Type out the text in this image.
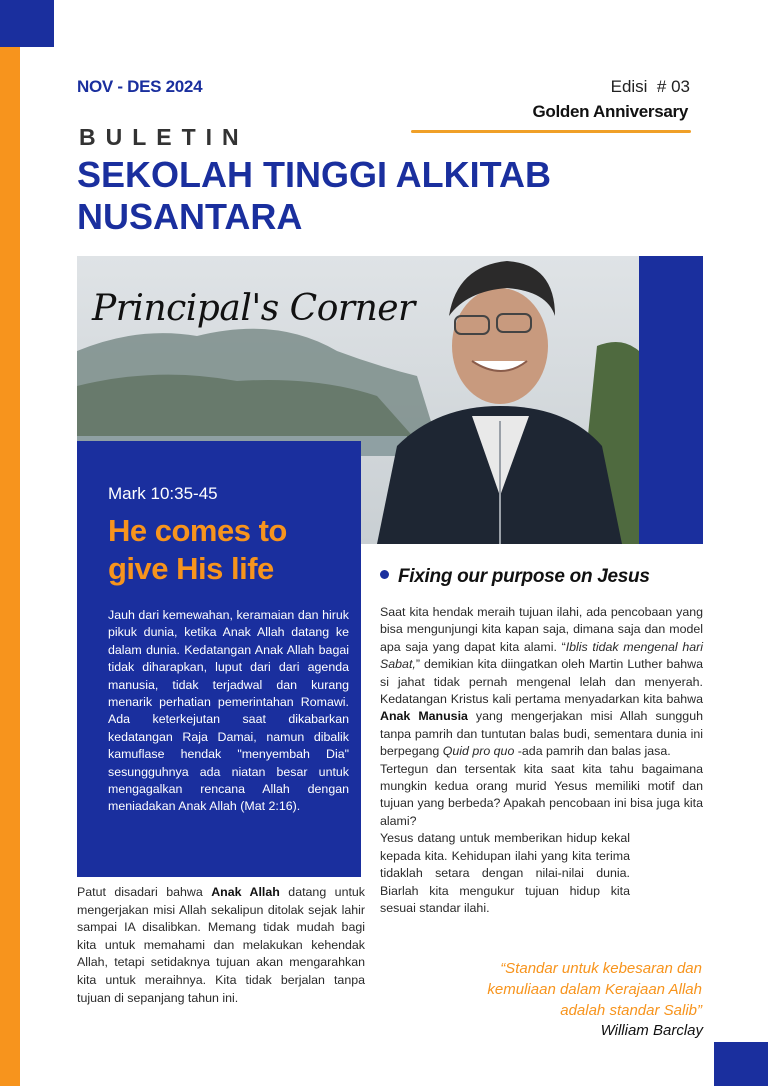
NOV - DES 2024	Edisi  # 03
Golden Anniversary
BULETIN
SEKOLAH TINGGI ALKITAB NUSANTARA
Principal's Corner
Mark 10:35-45
He comes to give His life
Jauh dari kemewahan, keramaian dan hiruk pikuk dunia, ketika Anak Allah datang ke dalam dunia. Kedatangan Anak Allah bagai tidak diharapkan, luput dari dari agenda manusia, tidak terjadwal dan kurang menarik perhatian pemerintahan Romawi. Ada keterkejutan saat dikabarkan kedatangan Raja Damai, namun dibalik kamuflase hendak "menyembah Dia" sesungguhnya ada niatan besar untuk mengagalkan rencana Allah dengan meniadakan Anak Allah (Mat 2:16).
Patut disadari bahwa Anak Allah datang untuk mengerjakan misi Allah sekalipun ditolak sejak lahir sampai IA disalibkan. Memang tidak mudah bagi kita untuk memahami dan melakukan kehendak Allah, tetapi setidaknya tujuan akan mengarahkan kita untuk meraihnya. Kita tidak berjalan tanpa tujuan di sepanjang tahun ini.
Fixing our purpose on Jesus

Saat kita hendak meraih tujuan ilahi, ada pencobaan yang bisa mengunjungi kita kapan saja, dimana saja dan model apa saja yang dapat kita alami. “Iblis tidak mengenal hari Sabat,” demikian kita diingatkan oleh Martin Luther bahwa si jahat tidak pernah mengenal lelah dan menyerah. Kedatangan Kristus kali pertama menyadarkan kita bahwa Anak Manusia yang mengerjakan misi Allah sungguh tanpa pamrih dan tuntutan balas budi, sementara dunia ini berpegang Quid pro quo -ada pamrih dan balas jasa.

Tertegun dan tersentak kita saat kita tahu bagaimana mungkin kedua orang murid Yesus memiliki motif dan tujuan yang berbeda? Apakah pencobaan ini bisa juga kita alami?

Yesus datang untuk memberikan hidup kekal kepada kita. Kehidupan ilahi yang kita terima tidaklah setara dengan nilai-nilai dunia. Biarlah kita mengukur tujuan hidup kita sesuai standar ilahi.

“Standar untuk kebesaran dan kemuliaan dalam Kerajaan Allah adalah standar Salib”
William Barclay
